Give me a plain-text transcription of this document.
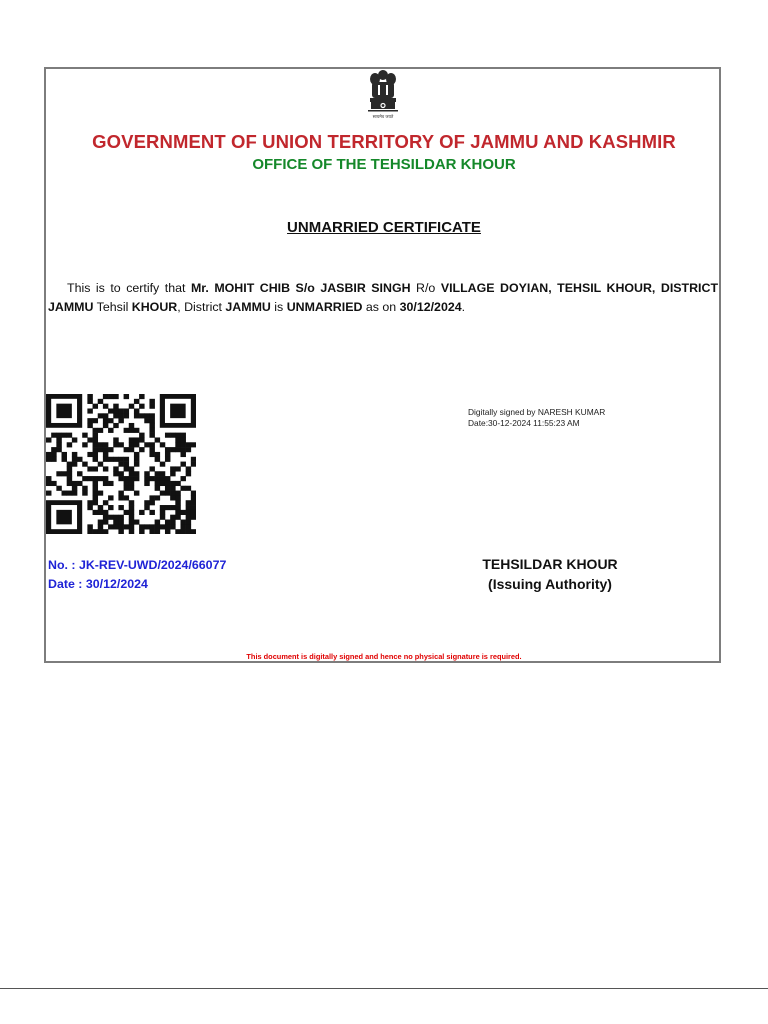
सत्यमेव जयते
GOVERNMENT OF UNION TERRITORY OF JAMMU AND KASHMIR
OFFICE OF THE TEHSILDAR KHOUR
UNMARRIED CERTIFICATE
This is to certify that Mr. MOHIT CHIB S/o JASBIR SINGH R/o VILLAGE DOYIAN, TEHSIL KHOUR, DISTRICT JAMMU Tehsil KHOUR, District JAMMU is UNMARRIED as on 30/12/2024.
Digitally signed by NARESH KUMAR
Date:30-12-2024 11:55:23 AM
No. : JK-REV-UWD/2024/66077
Date : 30/12/2024
TEHSILDAR KHOUR
(Issuing Authority)
This document is digitally signed and hence no physical signature is required.
